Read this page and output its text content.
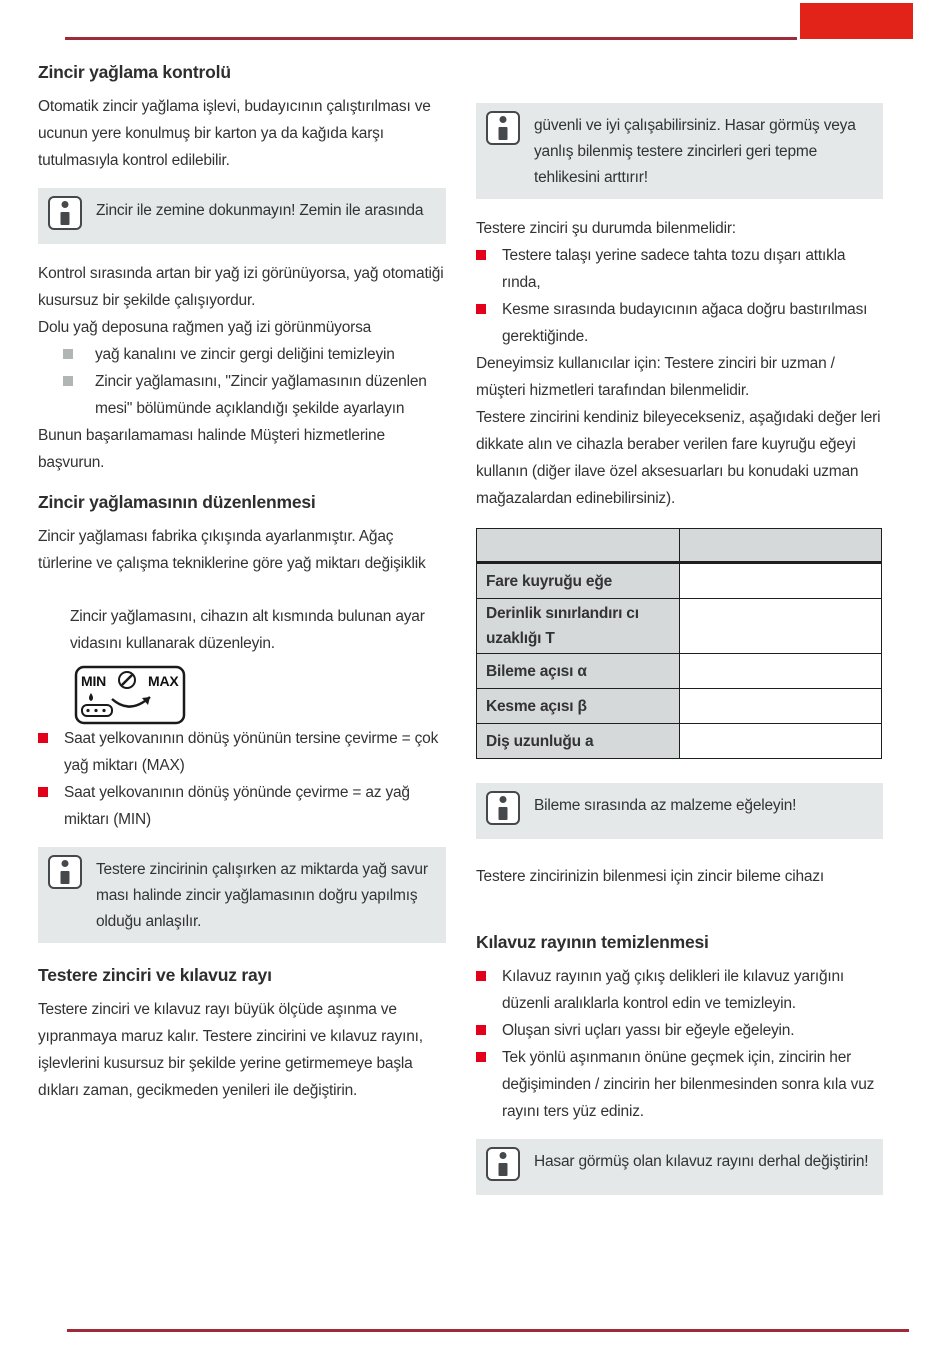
Zincir yağlama kontrolü

Otomatik zincir yağlama işlevi, budayıcının çalıştırılması ve ucunun yere konulmuş bir karton ya da kağıda karşı tutulmasıyla kontrol edilebilir.

Zincir ile zemine dokunmayın! Zemin ile arasında

Kontrol sırasında artan bir yağ izi görünüyorsa, yağ otomatiği kusursuz bir şekilde çalışıyordur.

Dolu yağ deposuna rağmen yağ izi görünmüyorsa

yağ kanalını ve zincir gergi deliğini temizleyin
Zincir yağlamasını, "Zincir yağlamasının düzenlen mesi" bölümünde açıklandığı şekilde ayarlayın

Bunun başarılamaması halinde Müşteri hizmetlerine başvurun.

Zincir yağlamasının düzenlenmesi

Zincir yağlaması fabrika çıkışında ayarlanmıştır. Ağaç türlerine ve çalışma tekniklerine göre yağ miktarı değişiklik

Zincir yağlamasını, cihazın alt kısmında bulunan ayar vidasını kullanarak düzenleyin.

MIN	MAX
Saat yelkovanının dönüş yönünün tersine çevirme = çok yağ miktarı (MAX)
Saat yelkovanının dönüş yönünde çevirme = az yağ miktarı (MIN)
Testere zincirinin çalışırken az miktarda yağ savur ması halinde zincir yağlamasının doğru yapılmış olduğu anlaşılır.
Testere zinciri ve kılavuz rayı

Testere zinciri ve kılavuz rayı büyük ölçüde aşınma ve yıpranmaya maruz kalır. Testere zincirini ve kılavuz rayını, işlevlerini kusursuz bir şekilde yerine getirmemeye başla dıkları zaman, gecikmeden yenileri ile değiştirin.

güvenli ve iyi çalışabilirsiniz. Hasar görmüş veya yanlış bilenmiş testere zincirleri geri tepme tehlikesini arttırır!

Testere zinciri şu durumda bilenmelidir:

Testere talaşı yerine sadece tahta tozu dışarı attıkla rında,
Kesme sırasında budayıcının ağaca doğru bastırılması gerektiğinde.

Deneyimsiz kullanıcılar için: Testere zinciri bir uzman / müşteri hizmetleri tarafından bilenmelidir.

Testere zincirini kendiniz bileyecekseniz, aşağıdaki değer leri dikkate alın ve cihazla beraber verilen fare kuyruğu eğeyi kullanın (diğer ilave özel aksesuarları bu konudaki uzman mağazalardan edinebilirsiniz).

Fare kuyruğu eğe	
Derinlik sınırlandırı cı uzaklığı T	
Bileme açısı α	
Kesme açısı β	
Diş uzunluğu a	
Bileme sırasında az malzeme eğeleyin!

Testere zincirinizin bilenmesi için zincir bileme cihazı

Kılavuz rayının temizlenmesi
Kılavuz rayının yağ çıkış delikleri ile kılavuz yarığını düzenli aralıklarla kontrol edin ve temizleyin.
Oluşan sivri uçları yassı bir eğeyle eğeleyin.
Tek yönlü aşınmanın önüne geçmek için, zincirin her değişiminden / zincirin her bilenmesinden sonra kıla vuz rayını ters yüz ediniz.
Hasar görmüş olan kılavuz rayını derhal değiştirin!
